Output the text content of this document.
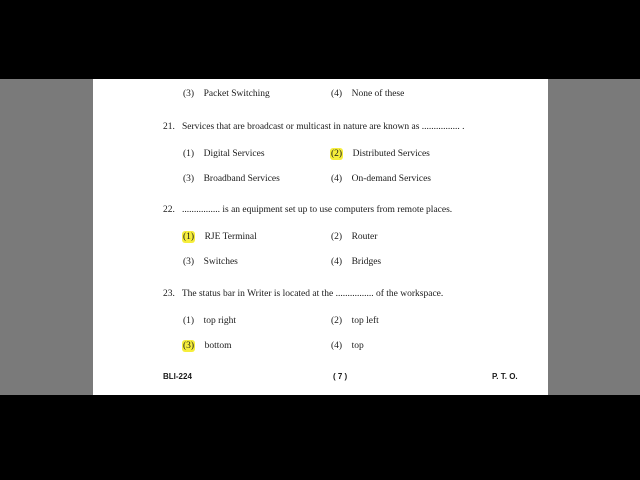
(3) Packet Switching	(4) None of these
21. Services that are broadcast or multicast in nature are known as ................ .
(1) Digital Services	(2) Distributed Services
(3) Broadband Services	(4) On-demand Services
22. ................ is an equipment set up to use computers from remote places.
(1) RJE Terminal	(2) Router
(3) Switches	(4) Bridges
23. The status bar in Writer is located at the ................ of the workspace.
(1) top right	(2) top left
(3) bottom	(4) top
BLI-224	( 7 )	P. T. O.
